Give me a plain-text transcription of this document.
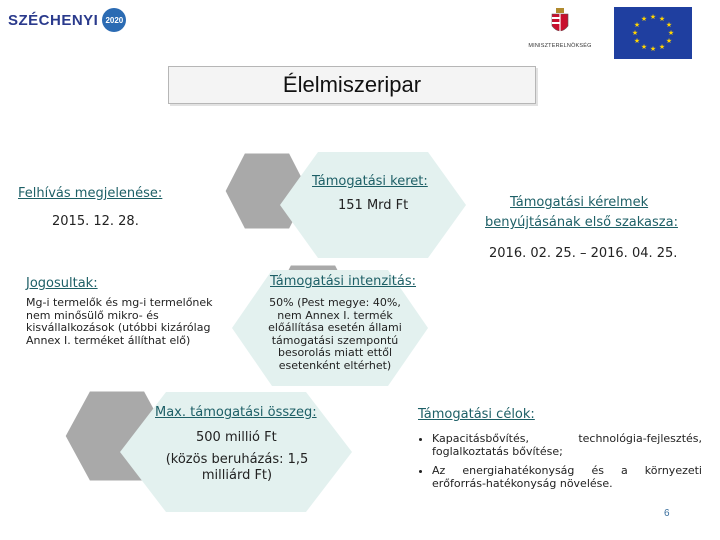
SZÉCHENYI 2020
MINISZTERELNÖKSÉG
★ ★
★
★
★
★
★
★
★
★
★
★
Élelmiszeripar
Felhívás megjelenése:
2015. 12. 28.
Támogatási keret:
151 Mrd Ft	Támogatási kérelmek
benyújtásának első szakasza:
2016. 02. 25. – 2016. 04. 25.
Jogosultak:
Mg-i termelők és mg-i termelőnek
nem minősülő mikro- és
kisvállalkozások (utóbbi kizárólag
Annex I. terméket állíthat elő)
Támogatási intenzitás:
50% (Pest megye: 40%,
nem Annex I. termék
előállítása esetén állami
támogatási szempontú
besorolás miatt ettől
esetenként eltérhet)
Max. támogatási összeg:
500 millió Ft
(közös beruházás: 1,5
milliárd Ft)
Támogatási célok:
• Kapacitásbővítés, technológia-fejlesztés, foglalkoztatás bővítése;
• Az energiahatékonyság és a környezeti erőforrás-hatékonyság növelése.
6
